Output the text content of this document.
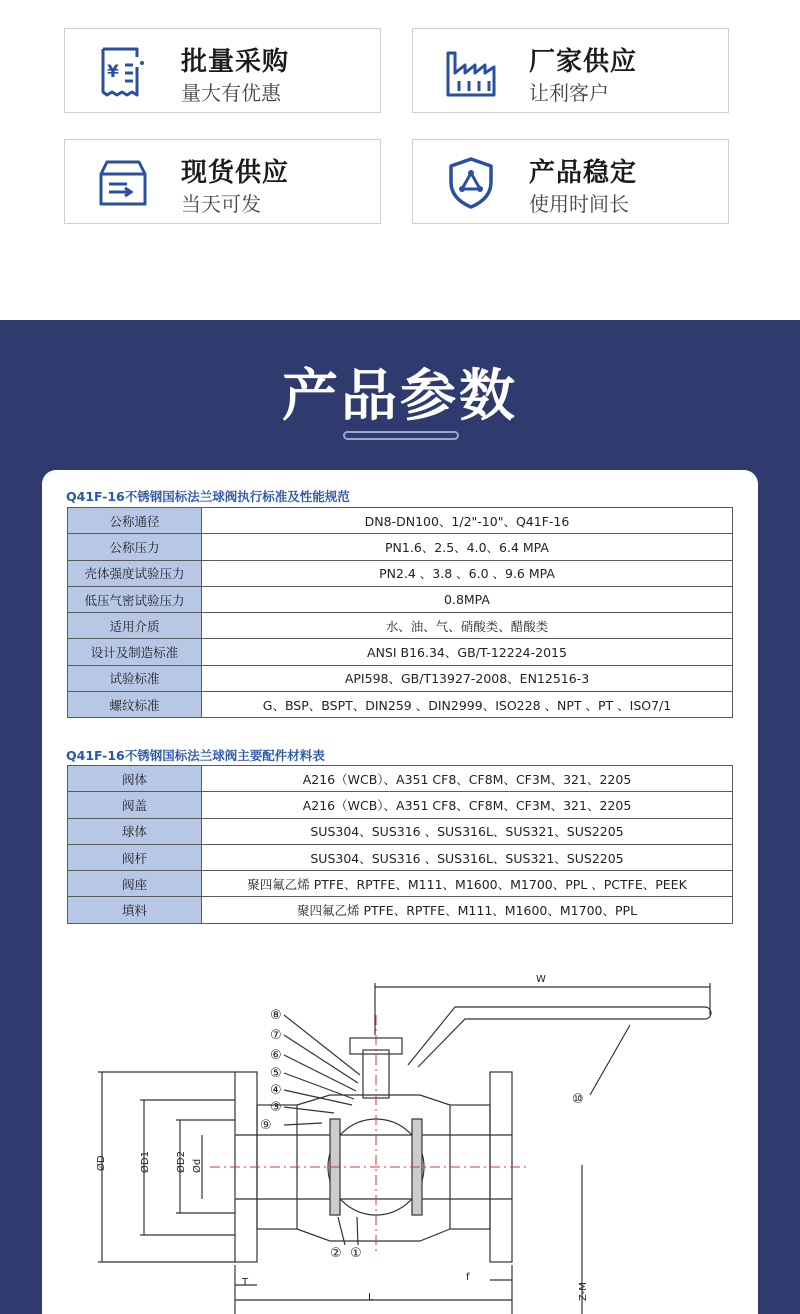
¥ 批量采购
量大有优惠
厂家供应
让利客户
现货供应
当天可发
产品稳定
使用时间长
产品参数
Q41F-16不锈钢国标法兰球阀执行标准及性能规范
公称通径	DN8-DN100、1/2"-10"、Q41F-16
公称压力	PN1.6、2.5、4.0、6.4 MPA
壳体强度试验压力	PN2.4 、3.8 、6.0 、9.6 MPA
低压气密试验压力	0.8MPA
适用介质	水、油、气、硝酸类、醋酸类
设计及制造标准	ANSI B16.34、GB/T-12224-2015
试验标准	API598、GB/T13927-2008、EN12516-3
螺纹标准	G、BSP、BSPT、DIN259 、DIN2999、ISO228 、NPT 、PT 、ISO7/1
Q41F-16不锈钢国标法兰球阀主要配件材料表
阀体	A216（WCB）、A351 CF8、CF8M、CF3M、321、2205
阀盖	A216（WCB）、A351 CF8、CF8M、CF3M、321、2205
球体	SUS304、SUS316 、SUS316L、SUS321、SUS2205
阀杆	SUS304、SUS316 、SUS316L、SUS321、SUS2205
阀座	聚四氟乙烯 PTFE、RPTFE、M111、M1600、M1700、PPL 、PCTFE、PEEK
填料	聚四氟乙烯 PTFE、RPTFE、M111、M1600、M1700、PPL
W
ØD	ØD1	ØD2 Ød
T
L
f
Z-M
⑧
⑦
⑥
⑤
④
③
⑨
② ①
⑩
